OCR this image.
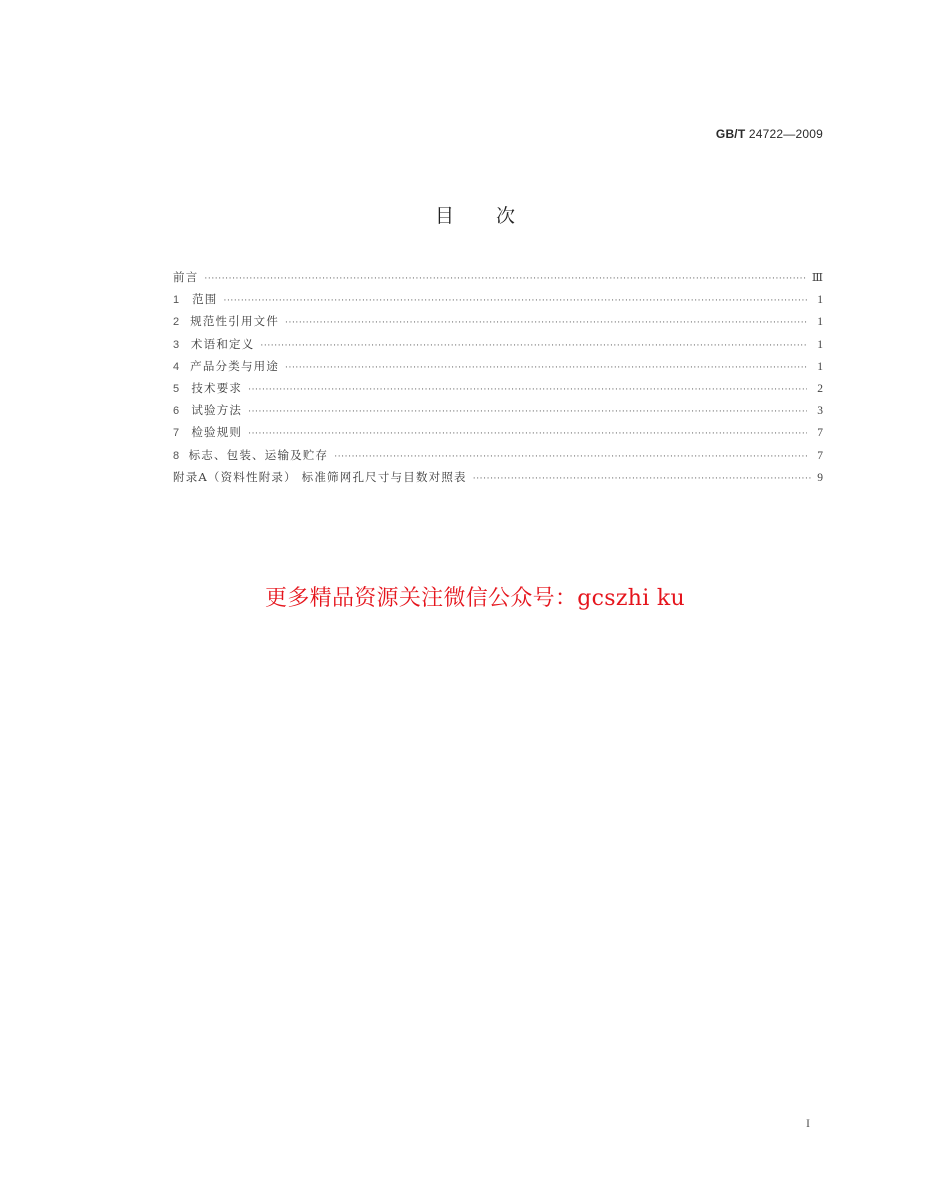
GB/T 24722—2009
目次
前言 ·····	Ⅲ
1	范围 ·····	1
2 规范性引用文件 ·····	1
3	术语和定义 ·····	1
4 产品分类与用途 ·····	1
5	技术要求 ·····	2
6	试验方法 ·····	3
7	检验规则 ·····	7
8 标志、包装、运输及贮存 ·····	7
附录A（资料性附录） 标准筛网孔尺寸与目数对照表 ·····	9
更多精品资源关注微信公众号：gcszhi ku
I
